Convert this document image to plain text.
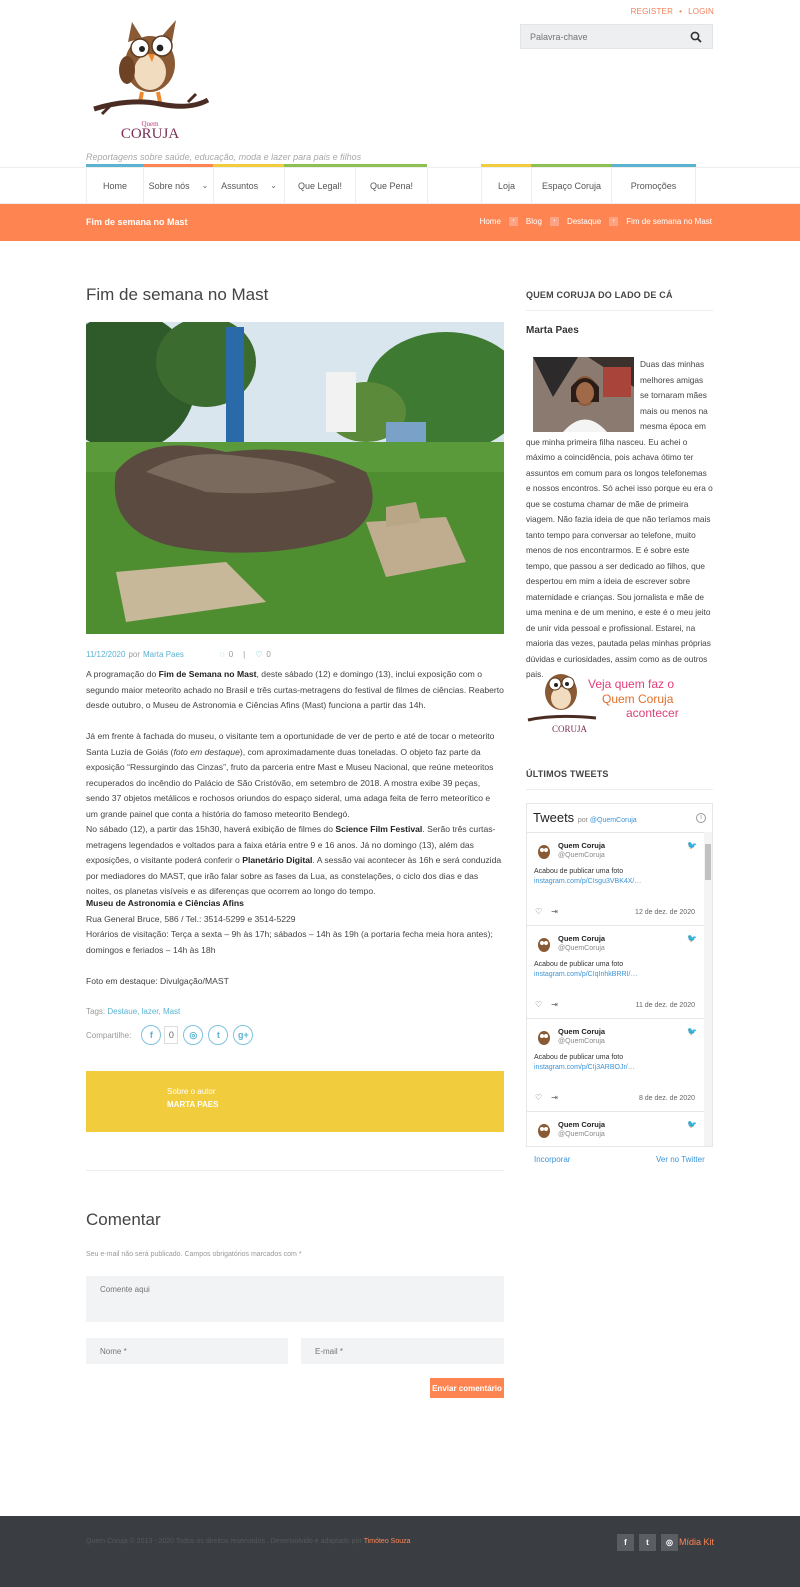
REGISTER • LOGIN
Palavra-chave
Quem
CORUJA
Reportagens sobre saúde, educação, moda e lazer para pais e filhos
Home Sobre nós ⌄ Assuntos ⌄ Que Legal!	Que Pena!	Loja	Espaço Coruja	Promoções
Fim de semana no Mast	Home	›	Blog	›	Destaque	›	Fim de semana no Mast
Fim de semana no Mast
11/12/2020 por Marta Paes	◌ 0 | ♡ 0

A programação do Fim de Semana no Mast, deste sábado (12) e domingo (13), inclui exposição com o segundo maior meteorito achado no Brasil e três curtas-metragens do festival de filmes de ciências. Reaberto desde outubro, o Museu de Astronomia e Ciências Afins (Mast) funciona a partir das 14h.

Já em frente à fachada do museu, o visitante tem a oportunidade de ver de perto e até de tocar o meteorito Santa Luzia de Goiás (foto em destaque), com aproximadamente duas toneladas. O objeto faz parte da exposição “Ressurgindo das Cinzas”, fruto da parceria entre Mast e Museu Nacional, que reúne meteoritos recuperados do incêndio do Palácio de São Cristóvão, em setembro de 2018. A mostra exibe 39 peças, sendo 37 objetos metálicos e rochosos oriundos do espaço sideral, uma adaga feita de ferro meteorítico e um grande painel que conta a história do famoso meteorito Bendegó.

No sábado (12), a partir das 15h30, haverá exibição de filmes do Science Film Festival. Serão três curtas-metragens legendados e voltados para a faixa etária entre 9 e 16 anos. Já no domingo (13), além das exposições, o visitante poderá conferir o Planetário Digital. A sessão vai acontecer às 16h e será conduzida por mediadores do MAST, que irão falar sobre as fases da Lua, as constelações, o ciclo dos dias e das noites, os planetas visíveis e as diferenças que ocorrem ao longo do tempo.

Museu de Astronomia e Ciências Afins
Rua General Bruce, 586 / Tel.: 3514-5299 e 3514-5229
Horários de visitação: Terça a sexta – 9h às 17h; sábados – 14h às 19h (a portaria fecha meia hora antes); domingos e feriados – 14h às 18h

Foto em destaque: Divulgação/MAST

Tags: Destaue, lazer, Mast
Compartilhe:	f	0	◎	t	g+
Sobre o autor
MARTA PAES
Comentar
Seu e-mail não será publicado. Campos obrigatórios marcados com *
Comente aqui
Nome *
E-mail *
Enviar comentário
QUEM CORUJA DO LADO DE CÁ
Marta Paes
Duas das minhas melhores amigas se tornaram mães mais ou menos na mesma época em que minha primeira filha nasceu. Eu achei o máximo a coincidência, pois achava ótimo ter assuntos em comum para os longos telefonemas e nossos encontros. Só achei isso porque eu era o que se costuma chamar de mãe de primeira viagem. Não fazia ideia de que não teríamos mais tanto tempo para conversar ao telefone, muito menos de nos encontrarmos. E é sobre este tempo, que passou a ser dedicado ao filhos, que despertou em mim a ideia de escrever sobre maternidade e crianças. Sou jornalista e mãe de uma menina e de um menino, e este é o meu jeito de unir vida pessoal e profissional. Estarei, na maioria das vezes, pautada pelas minhas próprias dúvidas e curiosidades, assim como as de outros pais.
CORUJA
Veja quem faz o
Quem Coruja
acontecer
ÚLTIMOS TWEETS
Tweets por @QuemCoruja	i
Quem Coruja
@QuemCoruja
🐦
Acabou de publicar uma foto
instagram.com/p/CIsgu3VBK4X/…
♡ ⇥	12 de dez. de 2020
Quem Coruja
@QuemCoruja
🐦
Acabou de publicar uma foto
instagram.com/p/CIqInhkBRRI/…
♡ ⇥	11 de dez. de 2020
Quem Coruja
@QuemCoruja
🐦
Acabou de publicar uma foto
instagram.com/p/CIj3ARBOJr/…
♡ ⇥	8 de dez. de 2020
Quem Coruja
@QuemCoruja
🐦
Incorporar	Ver no Twitter
Quem Coruja © 2013 - 2020 Todos os direitos reservados . Desenvolvido e adaptado por Timóteo Souza	f	t	◎ Mídia Kit
